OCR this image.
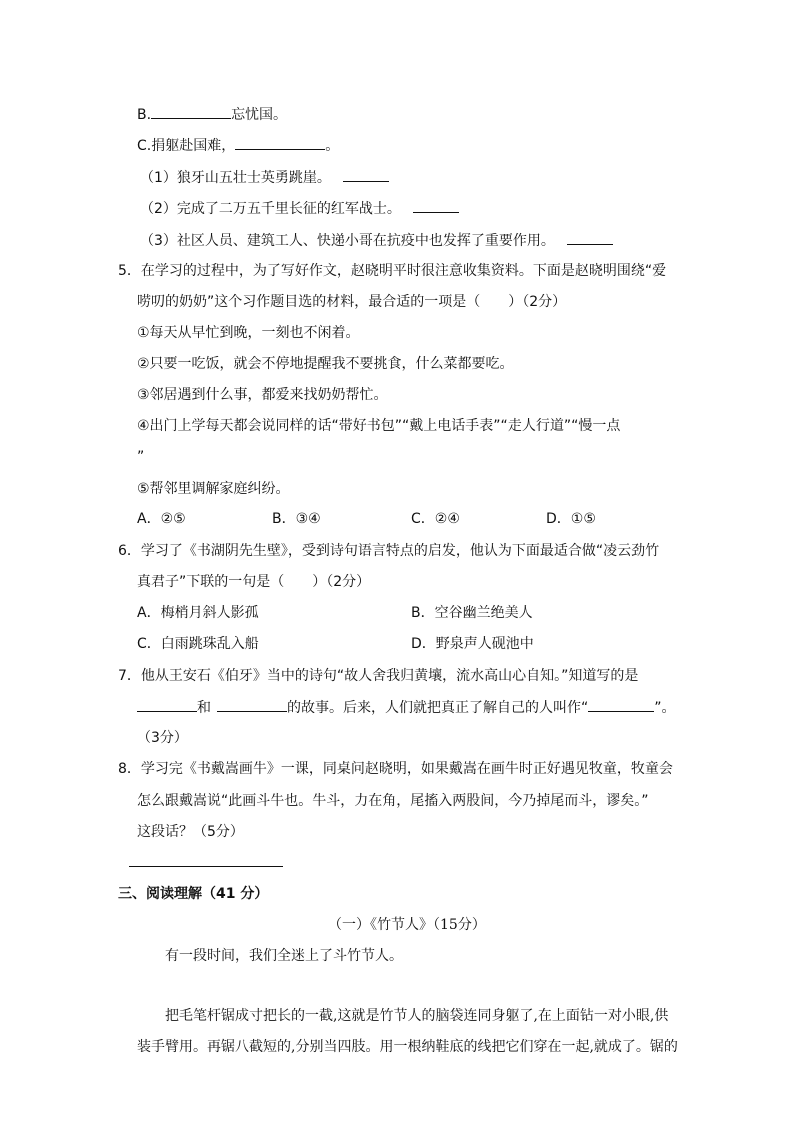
B.	忘忧国。
C.捐躯赴国难，	。
（1）狼牙山五壮士英勇跳崖。
（2）完成了二万五千里长征的红军战士。
（3）社区人员、建筑工人、快递小哥在抗疫中也发挥了重要作用。
5．在学习的过程中，为了写好作文，赵晓明平时很注意收集资料。下面是赵晓明围绕“爱
唠叨的奶奶”这个习作题目选的材料，最合适的一项是（　　）（2分）
①每天从早忙到晚，一刻也不闲着。
②只要一吃饭，就会不停地提醒我不要挑食，什么菜都要吃。
③邻居遇到什么事，都爱来找奶奶帮忙。
④出门上学每天都会说同样的话“带好书包”“戴上电话手表”“走人行道”“慢一点
”
⑤帮邻里调解家庭纠纷。
A．②⑤	B．③④	C．②④	D．①⑤
6．学习了《书湖阴先生壁》，受到诗句语言特点的启发，他认为下面最适合做“凌云劲竹
真君子”下联的一句是（　　）（2分）
A．梅梢月斜人影孤	B．空谷幽兰绝美人
C．白雨跳珠乱入船	D．野泉声人砚池中
7．他从王安石《伯牙》当中的诗句“故人舍我归黄壤，流水高山心自知。”知道写的是
和	的故事。后来，人们就把真正了解自己的人叫作“	”。
（3分）
8．学习完《书戴嵩画牛》一课，同桌问赵晓明，如果戴嵩在画牛时正好遇见牧童，牧童会
怎么跟戴嵩说“此画斗牛也。牛斗，力在角，尾搐入两股间，今乃掉尾而斗，谬矣。”
这段话？（5分）
三、阅读理解（41 分）
（一）《竹节人》（15分）
有一段时间，我们全迷上了斗竹节人。
把毛笔杆锯成寸把长的一截,这就是竹节人的脑袋连同身躯了,在上面钻一对小眼,供
装手臂用。再锯八截短的,分别当四肢。用一根纳鞋底的线把它们穿在一起,就成了。锯的
